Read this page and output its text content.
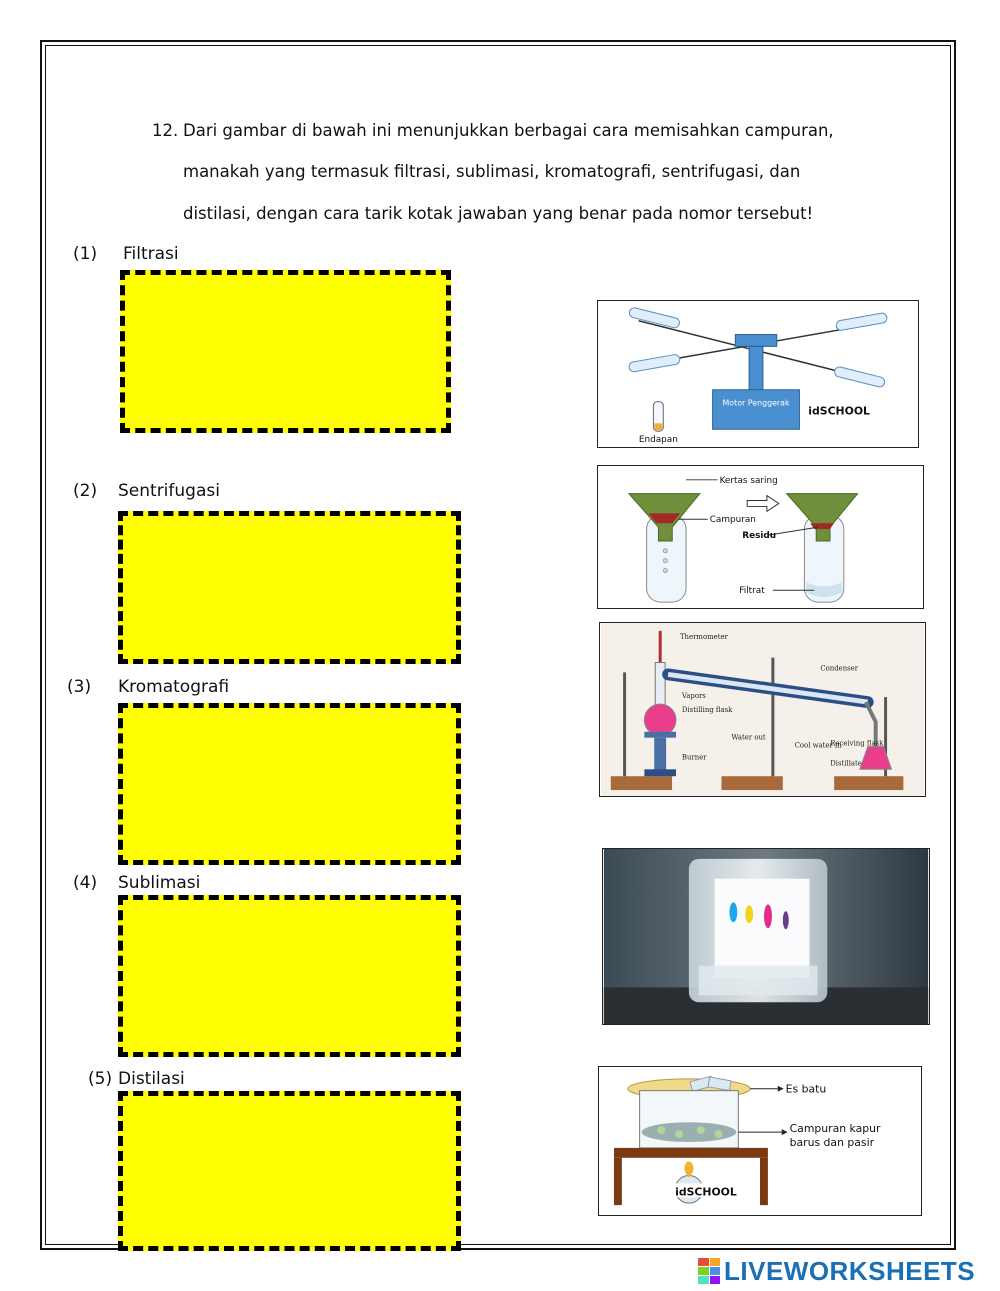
12. Dari gambar di bawah ini menunjukkan berbagai cara memisahkan campuran,
manakah yang termasuk filtrasi, sublimasi, kromatografi, sentrifugasi, dan
distilasi, dengan cara tarik kotak jawaban yang benar pada nomor tersebut!
(1) Filtrasi
(2) Sentrifugasi
(3) Kromatografi
(4) Sublimasi
(5) Distilasi
Motor Penggerak
idSCHOOL
Endapan
Kertas saring
Campuran
Residu
Filtrat
Thermometer
Condenser
Vapors
Distilling flask
Water out
Cool water in
Receiving flask
Distillate
Burner
idSCHOOL
Es batu
Campuran kapur
barus dan pasir
LIVEWORKSHEETS
